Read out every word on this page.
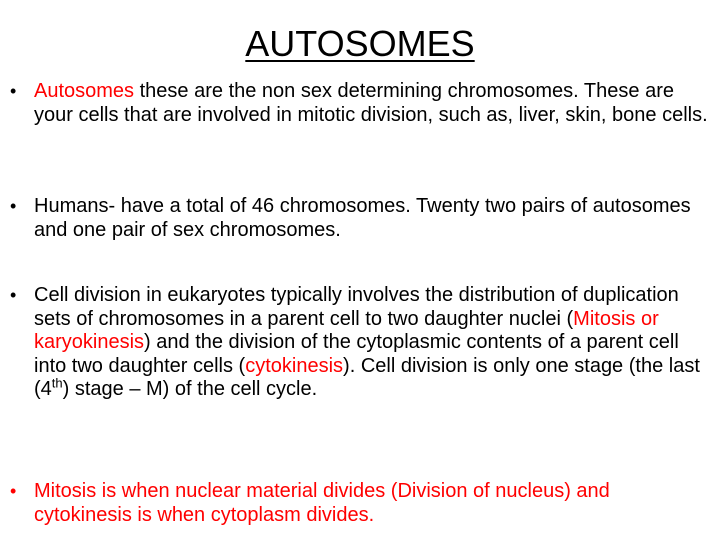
AUTOSOMES
• Autosomes these are the non sex determining chromosomes. These are your cells that are involved in mitotic division, such as, liver, skin, bone cells.
• Humans- have a total of 46 chromosomes. Twenty two pairs of autosomes and one pair of sex chromosomes.
• Cell division in eukaryotes typically involves the distribution of duplication sets of chromosomes in a parent cell to two daughter nuclei (Mitosis or karyokinesis) and the division of the cytoplasmic contents of a parent cell into two daughter cells (cytokinesis). Cell division is only one stage (the last (4th) stage – M) of the cell cycle.
• Mitosis is when nuclear material divides (Division of nucleus) and cytokinesis is when cytoplasm divides.
